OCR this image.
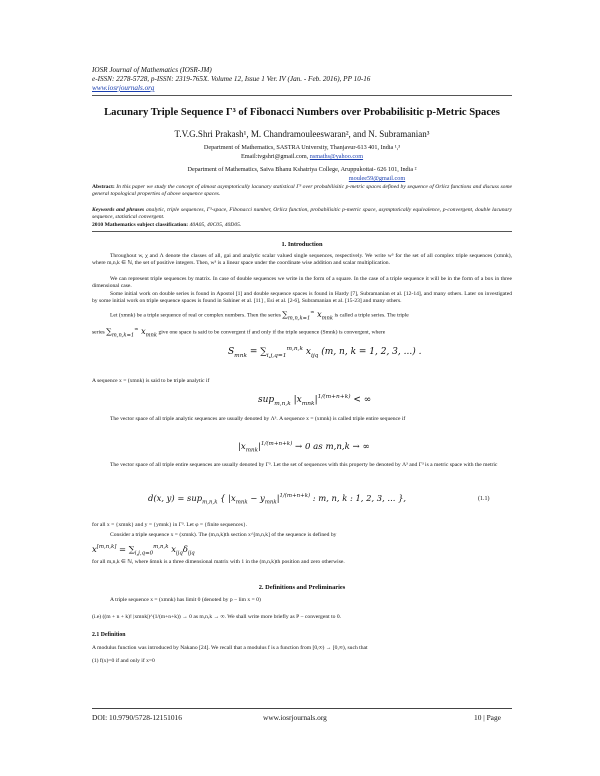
IOSR Journal of Mathematics (IOSR-JM)
e-ISSN: 2278-5728, p-ISSN: 2319-765X. Volume 12, Issue 1 Ver. IV (Jan. - Feb. 2016), PP 10-16
www.iosrjournals.org
Lacunary Triple Sequence Γ³ of Fibonacci Numbers over Probabilisitic p-Metric Spaces
T.V.G.Shri Prakash¹, M. Chandramouleeswaran², and N. Subramanian³
Department of Mathematics, SASTRA University, Thanjavur-613 401, India ¹,³
Email:tvgshri@gmail.com, nsmaths@yahoo.com
Department of Mathematics, Saiva Bhanu Kshatriya College, Aruppukottai- 626 101, India ²
moulee59@gmail.com
Abstract: In this paper we study the concept of almost asymptotically lacunary statistical Γ³ over probabilisitic p-metric spaces defined by sequence of Orlicz functions and discuss some general topological properties of above sequence spaces.
Keywords and phrases analytic, triple sequences, Γ³-space, Fibonacci number, Orlicz function, probabilisitic p-metric space, asymptotically equivalence, p-convergent, double lacunary sequence, statistical convergent.
2010 Mathematics subject classification: 40A05, 40C05, 40D05.
1. Introduction
Throughout w, χ and Λ denote the classes of all, gai and analytic scalar valued single sequences, respectively. We write w³ for the set of all complex triple sequences (xmnk), where m,n,k ∈ ℕ, the set of positive integers. Then, w³ is a linear space under the coordinate wise addition and scalar multiplication.
We can represent triple sequences by matrix. In case of double sequences we write in the form of a square. In the case of a triple sequence it will be in the form of a box in three dimensional case.
Some initial work on double series is found in Apostol [1] and double sequence spaces is found in Hardy [7], Subramanian et al. [12-14], and many others. Later on investigated by some initial work on triple sequence spaces is found in Sahiner et al. [11] , Esi et al. [2-6], Subramanian et al. [15-23] and many others.
Let (xmnk) be a triple sequence of real or complex numbers. Then the series $\sum_{m,n,k=1}^\infty$ $x_{mnk}$ is called a triple series. The triple
series $\sum_{m,n,k=1}^\infty$ $x_{mnk}$ give one space is said to be convergent if and only if the triple sequence (Smnk) is convergent, where
$S_{mnk} = \sum_{i,j,q=1}^{m,n,k}$ $x_{ijq}$ (m, n, k = 1, 2, 3, ...) .
A sequence x = (xmnk) is said to be triple analytic if
sup$_{m,n,k}$ $|x_{mnk}|^{1/(m+n+k)}$ < ∞
The vector space of all triple analytic sequences are usually denoted by Λ³. A sequence x = (xmnk) is called triple entire sequence if
$|x_{mnk}|^{1/(m+n+k)} \to 0$ as m,n,k → ∞
The vector space of all triple entire sequences are usually denoted by Γ³. Let the set of sequences with this property be denoted by Λ³ and Γ³ is a metric space with the metric
d(x, y) = sup$_{m,n,k}$ { $|x_{mnk} - y_{mnk}|^{1/(m+n+k)}$ : m, n, k : 1, 2, 3, ... },	(1.1)
for all x = {xmnk} and y = {ymnk} in Γ³. Let φ = {finite sequences}.
Consider a triple sequence x = (xmnk). The (m,n,k)th section x^[m,n,k] of the sequence is defined by
$x[m,n,k] = \sum_{i,j,q=0}^{m,n,k}$ $x_{ijq}\delta_{ijq}$
for all m,n,k ∈ ℕ, where δmnk is a three dimensional matrix with 1 in the (m,n,k)th position and zero otherwise.
2. Definitions and Preliminaries
A triple sequence x = (xmnk) has limit 0 (denoted by p − lim x = 0)
(i.e) ((m + n + k)! |xmnk|)^(1/(m+n+k)) → 0 as m,n,k → ∞. We shall write more briefly as P − convergent to 0.
2.1 Definition
A modulus function was introduced by Nakano [24]. We recall that a modulus f is a function from [0,∞) → [0,∞), such that
(1) f(x)=0 if and only if x=0
DOI: 10.9790/5728-12151016	www.iosrjournals.org	10 | Page
